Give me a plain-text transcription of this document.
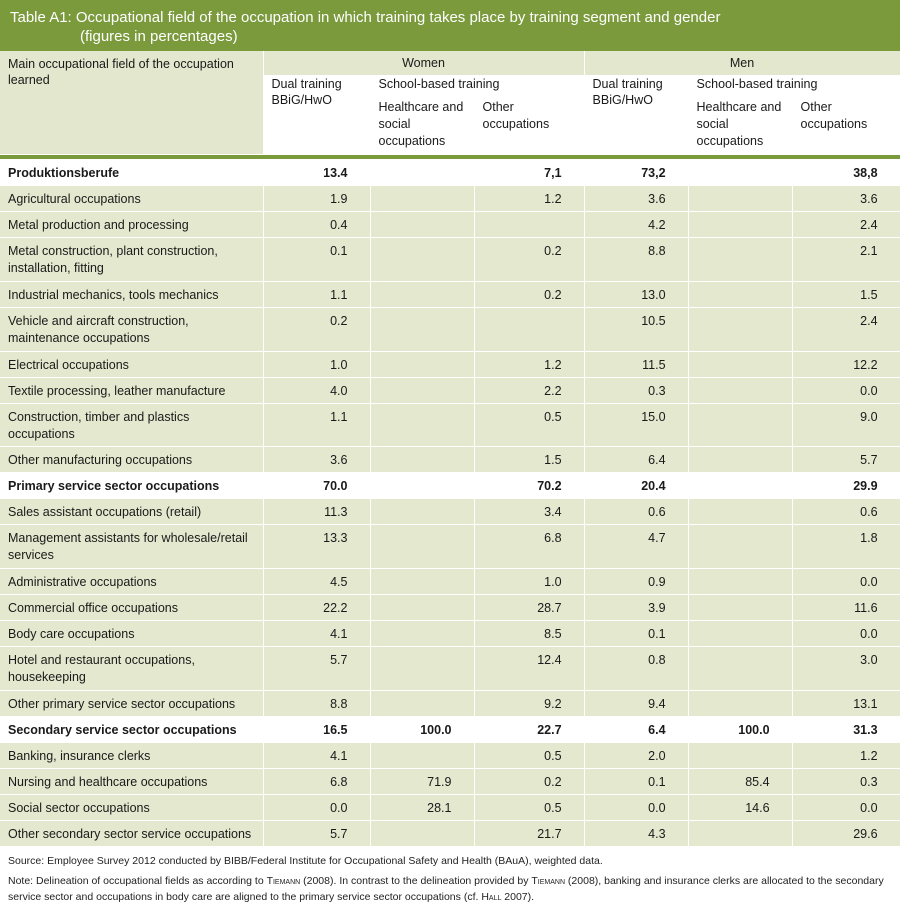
Table A1: Occupational field of the occupation in which training takes place by training segment and gender
(figures in percentages)
Main occupational field of the occupation learned	Women			Men		
	Dual training BBiG/HwO	School-based training		Dual training BBiG/HwO	School-based training	
		Healthcare and social occupations	Other occupations		Healthcare and social occupations	Other occupations

Produktionsberufe	13.4		7,1	73,2		38,8
Agricultural occupations	1.9		1.2	3.6		3.6
Metal production and processing	0.4			4.2		2.4
Metal construction, plant construction, installation, fitting	0.1		0.2	8.8		2.1
Industrial mechanics, tools mechanics	1.1		0.2	13.0		1.5
Vehicle and aircraft construction, maintenance occupations	0.2			10.5		2.4
Electrical occupations	1.0		1.2	11.5		12.2
Textile processing, leather manufacture	4.0		2.2	0.3		0.0
Construction, timber and plastics occupations	1.1		0.5	15.0		9.0
Other manufacturing occupations	3.6		1.5	6.4		5.7
Primary service sector occupations	70.0		70.2	20.4		29.9
Sales assistant occupations (retail)	11.3		3.4	0.6		0.6
Management assistants for wholesale/retail services	13.3		6.8	4.7		1.8
Administrative occupations	4.5		1.0	0.9		0.0
Commercial office occupations	22.2		28.7	3.9		11.6
Body care occupations	4.1		8.5	0.1		0.0
Hotel and restaurant occupations, housekeeping	5.7		12.4	0.8		3.0
Other primary service sector occupations	8.8		9.2	9.4		13.1
Secondary service sector occupations	16.5	100.0	22.7	6.4	100.0	31.3
Banking, insurance clerks	4.1		0.5	2.0		1.2
Nursing and healthcare occupations	6.8	71.9	0.2	0.1	85.4	0.3
Social sector occupations	0.0	28.1	0.5	0.0	14.6	0.0
Other secondary sector service occupations	5.7		21.7	4.3		29.6
Source: Employee Survey 2012 conducted by BIBB/Federal Institute for Occupational Safety and Health (BAuA), weighted data.
Note: Delineation of occupational fields as according to Tiemann (2008). In contrast to the delineation provided by Tiemann (2008), banking and insurance clerks are allocated to the secondary service sector and occupations in body care are aligned to the primary service sector occupations (cf. Hall 2007).
